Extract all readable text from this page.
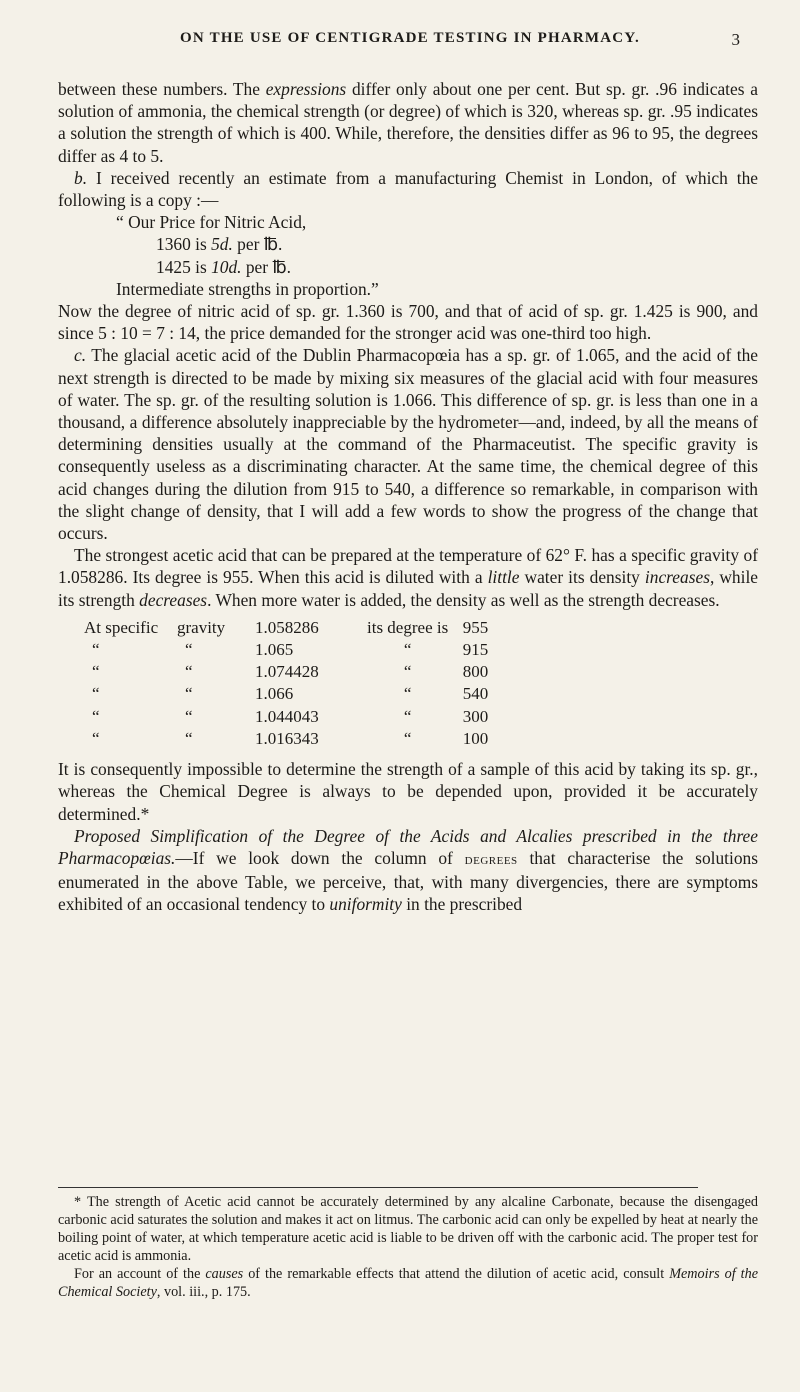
ON THE USE OF CENTIGRADE TESTING IN PHARMACY.	3

between these numbers. The expressions differ only about one per cent. But sp. gr. .96 indicates a solution of ammonia, the chemical strength (or degree) of which is 320, whereas sp. gr. .95 indicates a solution the strength of which is 400. While, therefore, the densities differ as 96 to 95, the degrees differ as 4 to 5.

b. I received recently an estimate from a manufacturing Chemist in London, of which the following is a copy :—

“ Our Price for Nitric Acid,
1360 is 5d. per ℔.
1425 is 10d. per ℔.
Intermediate strengths in proportion.”

Now the degree of nitric acid of sp. gr. 1.360 is 700, and that of acid of sp. gr. 1.425 is 900, and since 5 : 10 = 7 : 14, the price demanded for the stronger acid was one-third too high.

c. The glacial acetic acid of the Dublin Pharmacopœia has a sp. gr. of 1.065, and the acid of the next strength is directed to be made by mixing six measures of the glacial acid with four measures of water. The sp. gr. of the resulting solution is 1.066. This difference of sp. gr. is less than one in a thousand, a difference absolutely inappreciable by the hydrometer—and, indeed, by all the means of determining densities usually at the command of the Pharmaceutist. The specific gravity is consequently useless as a discriminating character. At the same time, the chemical degree of this acid changes during the dilution from 915 to 540, a difference so remarkable, in comparison with the slight change of density, that I will add a few words to show the progress of the change that occurs.

The strongest acetic acid that can be prepared at the temperature of 62° F. has a specific gravity of 1.058286. Its degree is 955. When this acid is diluted with a little water its density increases, while its strength decreases. When more water is added, the density as well as the strength decreases.

At specific	gravity	1.058286	its degree is	955
“	“	1.065	“	915
“	“	1.074428	“	800
“	“	1.066	“	540
“	“	1.044043	“	300
“	“	1.016343	“	100

It is consequently impossible to determine the strength of a sample of this acid by taking its sp. gr., whereas the Chemical Degree is always to be depended upon, provided it be accurately determined.*

Proposed Simplification of the Degree of the Acids and Alcalies prescribed in the three Pharmacopœias.—If we look down the column of degrees that characterise the solutions enumerated in the above Table, we perceive, that, with many divergencies, there are symptoms exhibited of an occasional tendency to uniformity in the prescribed

* The strength of Acetic acid cannot be accurately determined by any alcaline Carbonate, because the disengaged carbonic acid saturates the solution and makes it act on litmus. The carbonic acid can only be expelled by heat at nearly the boiling point of water, at which temperature acetic acid is liable to be driven off with the carbonic acid. The proper test for acetic acid is ammonia.

For an account of the causes of the remarkable effects that attend the dilution of acetic acid, consult Memoirs of the Chemical Society, vol. iii., p. 175.
